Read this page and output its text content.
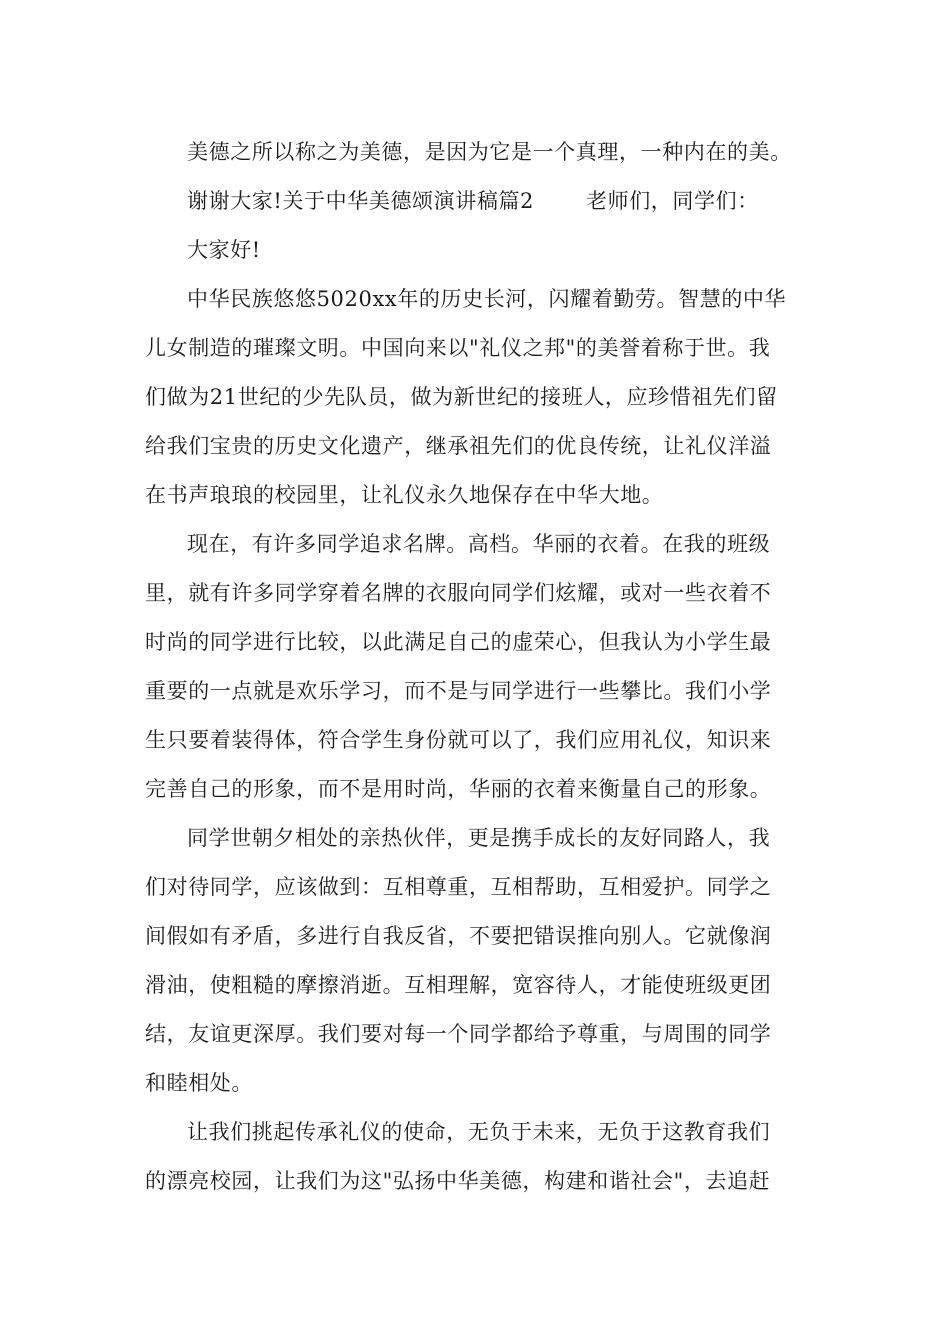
美德之所以称之为美德，是因为它是一个真理，一种内在的美。

谢谢大家!关于中华美德颂演讲稿篇2 老师们，同学们：

大家好!

中华民族悠悠5020xx年的历史长河，闪耀着勤劳。智慧的中华
儿女制造的璀璨文明。中国向来以"礼仪之邦"的美誉着称于世。我
们做为21世纪的少先队员，做为新世纪的接班人，应珍惜祖先们留
给我们宝贵的历史文化遗产，继承祖先们的优良传统，让礼仪洋溢
在书声琅琅的校园里，让礼仪永久地保存在中华大地。

现在，有许多同学追求名牌。高档。华丽的衣着。在我的班级
里，就有许多同学穿着名牌的衣服向同学们炫耀，或对一些衣着不
时尚的同学进行比较，以此满足自己的虚荣心，但我认为小学生最
重要的一点就是欢乐学习，而不是与同学进行一些攀比。我们小学
生只要着装得体，符合学生身份就可以了，我们应用礼仪，知识来
完善自己的形象，而不是用时尚，华丽的衣着来衡量自己的形象。

同学世朝夕相处的亲热伙伴，更是携手成长的友好同路人，我
们对待同学，应该做到：互相尊重，互相帮助，互相爱护。同学之
间假如有矛盾，多进行自我反省，不要把错误推向别人。它就像润
滑油，使粗糙的摩擦消逝。互相理解，宽容待人，才能使班级更团
结，友谊更深厚。我们要对每一个同学都给予尊重，与周围的同学
和睦相处。

让我们挑起传承礼仪的使命，无负于未来，无负于这教育我们
的漂亮校园，让我们为这"弘扬中华美德，构建和谐社会"，去追赶
